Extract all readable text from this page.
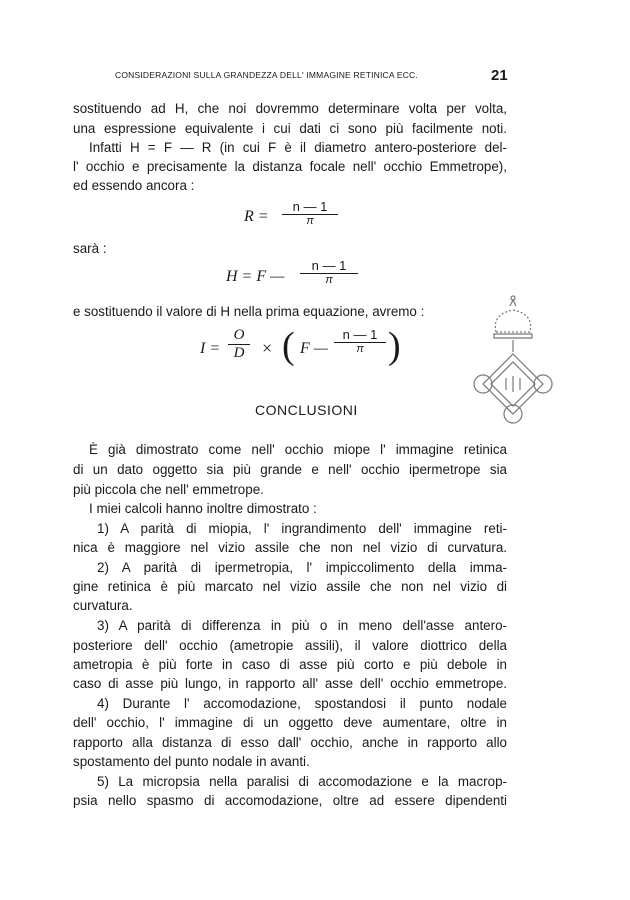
CONSIDERAZIONI SULLA GRANDEZZA DELL' IMMAGINE RETINICA ECC.	21
sostituendo ad H, che noi dovremmo determinare volta per volta,
una espressione equivalente i cui dati ci sono più facilmente noti.
Infatti H = F — R (in cui F è il diametro antero-posteriore del-
l' occhio e precisamente la distanza focale nell' occhio Emmetrope),
ed essendo ancora :
R =
n — 1
π
sarà :
H = F —
n — 1
π
e sostituendo il valore di H nella prima equazione, avremo :
I =
O
D × ( F —
n — 1
π )
CONCLUSIONI
È già dimostrato come nell' occhio miope l' immagine retinica
di un dato oggetto sia più grande e nell' occhio ipermetrope sia
più piccola che nell' emmetrope.
I miei calcoli hanno inoltre dimostrato :
1) A parità di miopia, l' ingrandimento dell' immagine reti-
nica è maggiore nel vizio assile che non nel vizio di curvatura.
2) A parità di ipermetropia, l' impiccolimento della imma-
gine retinica è più marcato nel vizio assile che non nel vizio di
curvatura.
3) A parità di differenza in più o in meno dell'asse antero-
posteriore dell' occhio (ametropie assili), il valore diottrico della
ametropia è più forte in caso di asse più corto e più debole in
caso di asse più lungo, in rapporto all' asse dell' occhio emmetrope.
4) Durante l' accomodazione, spostandosi il punto nodale
dell' occhio, l' immagine di un oggetto deve aumentare, oltre in
rapporto alla distanza di esso dall' occhio, anche in rapporto allo
spostamento del punto nodale in avanti.
5) La micropsia nella paralisi di accomodazione e la macrop-
psia nello spasmo di accomodazione, oltre ad essere dipendenti
